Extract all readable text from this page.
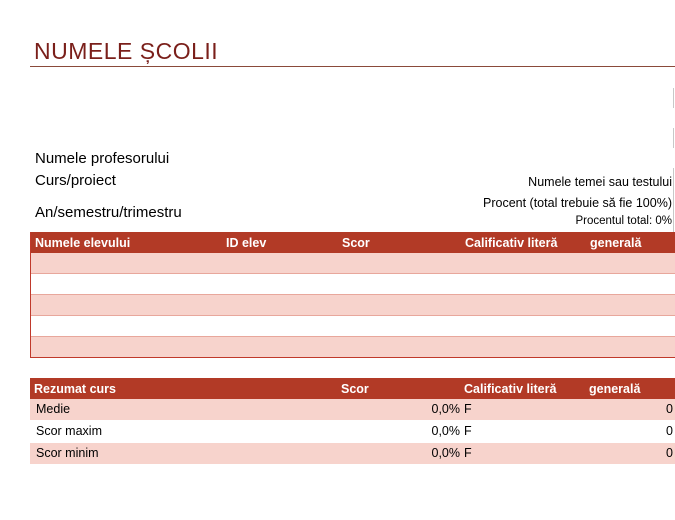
NUMELE ȘCOLII
Numele profesorului
Curs/proiect
An/semestru/trimestru
Numele temei sau testului
Procent (total trebuie să fie 100%)
Procentul total: 0%
Numele elevului	ID elev	Scor	Calificativ literă	generală
Rezumat curs	Scor	Calificativ literă	generală
Medie	0,0% F	0
Scor maxim	0,0% F	0
Scor minim	0,0% F	0
